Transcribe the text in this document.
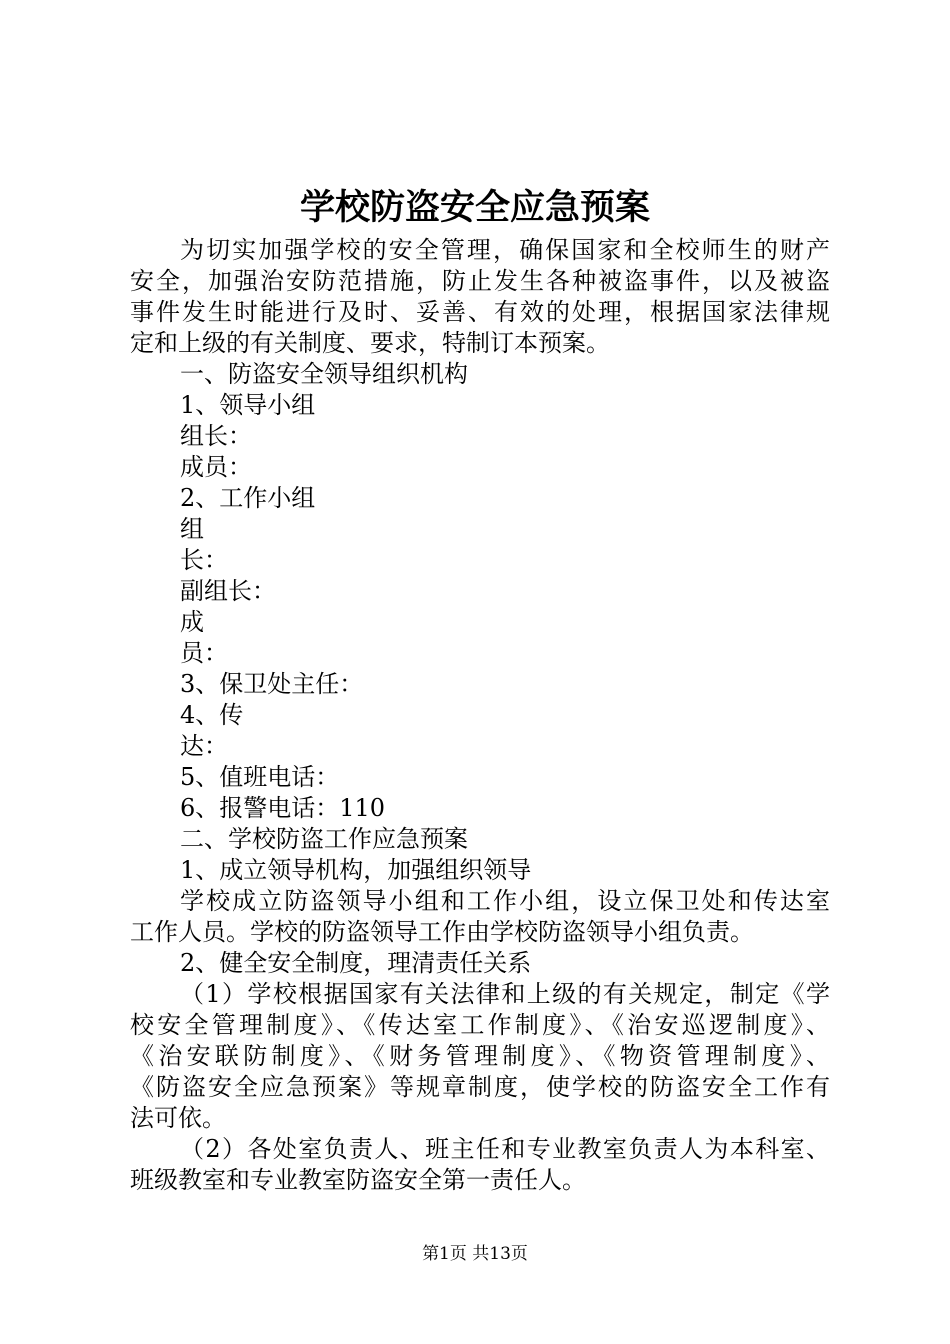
学校防盗安全应急预案
为切实加强学校的安全管理，确保国家和全校师生的财产
安全，加强治安防范措施，防止发生各种被盗事件，以及被盗
事件发生时能进行及时、妥善、有效的处理，根据国家法律规
定和上级的有关制度、要求，特制订本预案。
一、防盗安全领导组织机构
1、领导小组
组长：
成员：
2、工作小组
组
长：
副组长：
成
员：
3、保卫处主任：
4、传
达：
5、值班电话：
6、报警电话：110
二、学校防盗工作应急预案
1、成立领导机构，加强组织领导
学校成立防盗领导小组和工作小组，设立保卫处和传达室
工作人员。学校的防盗领导工作由学校防盗领导小组负责。
2、健全安全制度，理清责任关系
（1）学校根据国家有关法律和上级的有关规定，制定《学
校安全管理制度》、《传达室工作制度》、《治安巡逻制度》、
《治安联防制度》、《财务管理制度》、《物资管理制度》、
《防盗安全应急预案》等规章制度，使学校的防盗安全工作有
法可依。
（2）各处室负责人、班主任和专业教室负责人为本科室、
班级教室和专业教室防盗安全第一责任人。
第1页 共13页
